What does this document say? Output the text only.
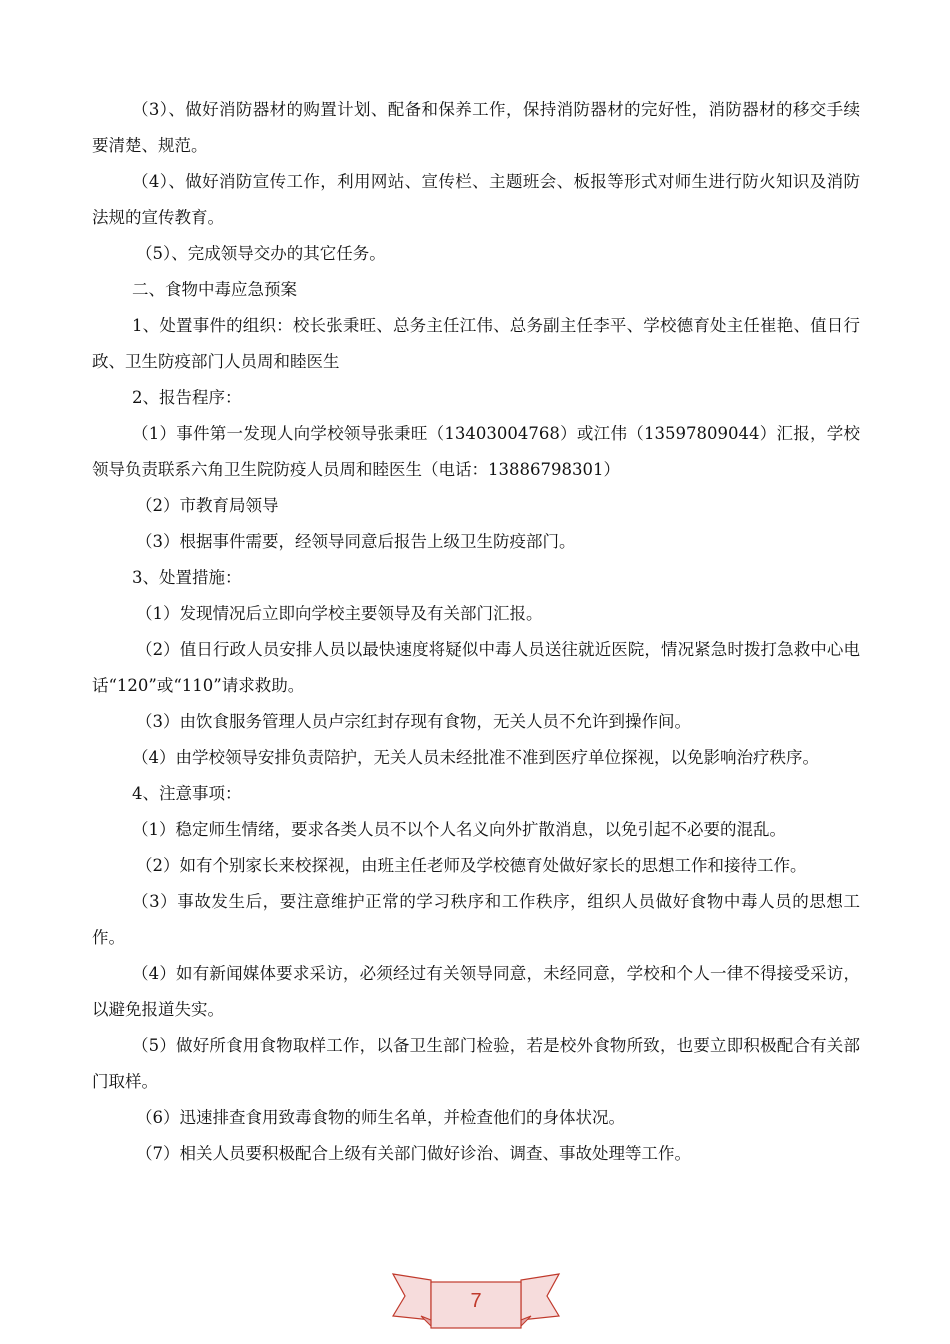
（3）、做好消防器材的购置计划、配备和保养工作，保持消防器材的完好性，消防器材的移交手续要清楚、规范。

（4）、做好消防宣传工作，利用网站、宣传栏、主题班会、板报等形式对师生进行防火知识及消防法规的宣传教育。

（5）、完成领导交办的其它任务。

二、食物中毒应急预案

1、处置事件的组织：校长张秉旺、总务主任江伟、总务副主任李平、学校德育处主任崔艳、值日行政、卫生防疫部门人员周和睦医生

2、报告程序：

（1）事件第一发现人向学校领导张秉旺（13403004768）或江伟（13597809044）汇报，学校领导负责联系六角卫生院防疫人员周和睦医生（电话：13886798301）

（2）市教育局领导

（3）根据事件需要，经领导同意后报告上级卫生防疫部门。

3、处置措施：

（1）发现情况后立即向学校主要领导及有关部门汇报。

（2）值日行政人员安排人员以最快速度将疑似中毒人员送往就近医院，情况紧急时拨打急救中心电话“120”或“110”请求救助。

（3）由饮食服务管理人员卢宗红封存现有食物，无关人员不允许到操作间。

（4）由学校领导安排负责陪护，无关人员未经批准不准到医疗单位探视，以免影响治疗秩序。

4、注意事项：

（1）稳定师生情绪，要求各类人员不以个人名义向外扩散消息，以免引起不必要的混乱。

（2）如有个别家长来校探视，由班主任老师及学校德育处做好家长的思想工作和接待工作。

（3）事故发生后，要注意维护正常的学习秩序和工作秩序，组织人员做好食物中毒人员的思想工作。

（4）如有新闻媒体要求采访，必须经过有关领导同意，未经同意，学校和个人一律不得接受采访，以避免报道失实。

（5）做好所食用食物取样工作，以备卫生部门检验，若是校外食物所致，也要立即积极配合有关部门取样。

（6）迅速排查食用致毒食物的师生名单，并检查他们的身体状况。

（7）相关人员要积极配合上级有关部门做好诊治、调查、事故处理等工作。

7
